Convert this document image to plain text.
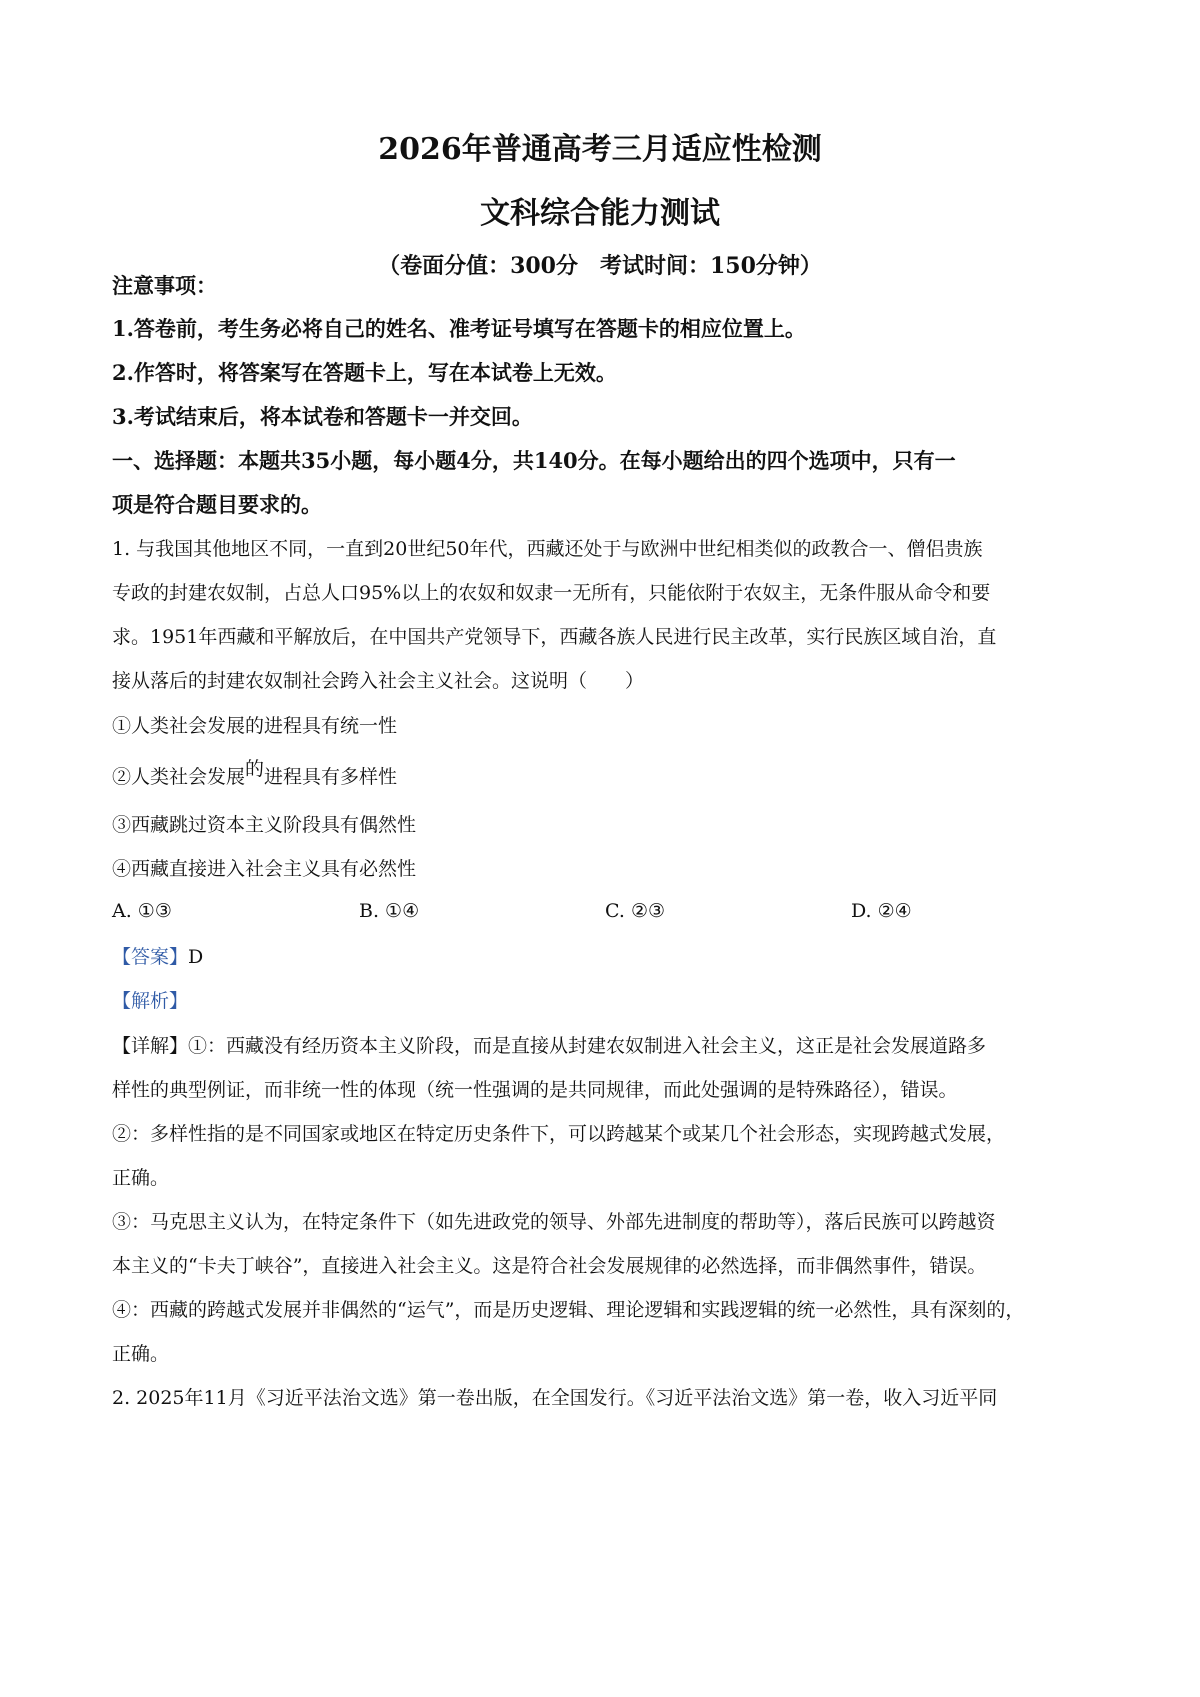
2026年普通高考三月适应性检测
文科综合能力测试
（卷面分值：300分　考试时间：150分钟）
注意事项：
1.答卷前，考生务必将自己的姓名、准考证号填写在答题卡的相应位置上。
2.作答时，将答案写在答题卡上，写在本试卷上无效。
3.考试结束后，将本试卷和答题卡一并交回。
一、选择题：本题共35小题，每小题4分，共140分。在每小题给出的四个选项中，只有一
项是符合题目要求的。
1. 与我国其他地区不同，一直到20世纪50年代，西藏还处于与欧洲中世纪相类似的政教合一、僧侣贵族
专政的封建农奴制，占总人口95%以上的农奴和奴隶一无所有，只能依附于农奴主，无条件服从命令和要
求。1951年西藏和平解放后，在中国共产党领导下，西藏各族人民进行民主改革，实行民族区域自治，直
接从落后的封建农奴制社会跨入社会主义社会。这说明（　　）
①人类社会发展的进程具有统一性
②人类社会发展的进程具有多样性
③西藏跳过资本主义阶段具有偶然性
④西藏直接进入社会主义具有必然性
A. ①③	B. ①④	C. ②③	D. ②④
【答案】D
【解析】
【详解】①：西藏没有经历资本主义阶段，而是直接从封建农奴制进入社会主义，这正是社会发展道路多
样性的典型例证，而非统一性的体现（统一性强调的是共同规律，而此处强调的是特殊路径），错误。
②：多样性指的是不同国家或地区在特定历史条件下，可以跨越某个或某几个社会形态，实现跨越式发展，
正确。
③：马克思主义认为，在特定条件下（如先进政党的领导、外部先进制度的帮助等），落后民族可以跨越资
本主义的“卡夫丁峡谷”，直接进入社会主义。这是符合社会发展规律的必然选择，而非偶然事件，错误。
④：西藏的跨越式发展并非偶然的“运气”，而是历史逻辑、理论逻辑和实践逻辑的统一必然性，具有深刻的，
正确。
2. 2025年11月《习近平法治文选》第一卷出版，在全国发行。《习近平法治文选》第一卷，收入习近平同
